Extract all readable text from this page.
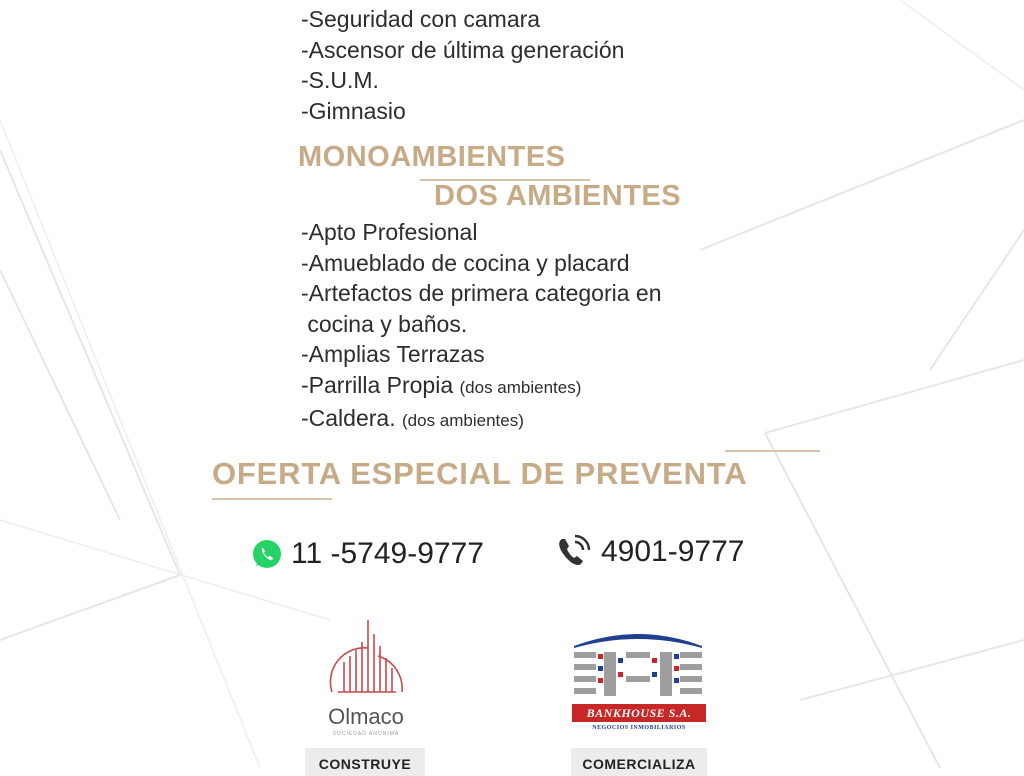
-Seguridad con camara
-Ascensor de última generación
-S.U.M.
-Gimnasio
MONOAMBIENTES
DOS AMBIENTES
-Apto Profesional
-Amueblado de cocina y placard
-Artefactos de primera categoria en
cocina y baños.
-Amplias Terrazas
-Parrilla Propia (dos ambientes)
-Caldera. (dos ambientes)
OFERTA ESPECIAL DE PREVENTA
11 -5749-9777	4901-9777
Olmaco
SOCIEDAD ANONIMA
CONSTRUYE
BANKHOUSE S.A.
NEGOCIOS INMOBILIARIOS
COMERCIALIZA
